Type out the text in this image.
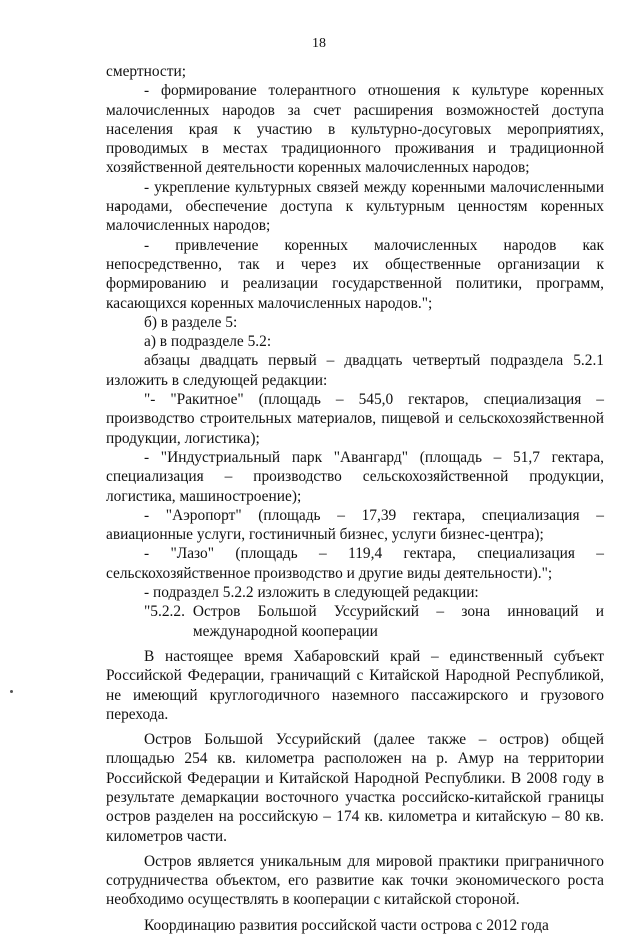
18

смертности;

- формирование толерантного отношения к культуре коренных малочисленных народов за счет расширения возможностей доступа населения края к участию в культурно-досуговых мероприятиях, проводимых в местах традиционного проживания и традиционной хозяйственной деятельности коренных малочисленных народов;

- укрепление культурных связей между коренными малочисленными народами, обеспечение доступа к культурным ценностям коренных малочисленных народов;

- привлечение коренных малочисленных народов как непосредственно, так и через их общественные организации к формированию и реализации государственной политики, программ, касающихся коренных малочисленных народов.";

б) в разделе 5:

а) в подразделе 5.2:

абзацы двадцать первый – двадцать четвертый подраздела 5.2.1 изложить в следующей редакции:

"- "Ракитное" (площадь – 545,0 гектаров, специализация – производство строительных материалов, пищевой и сельскохозяйственной продукции, логистика);

- "Индустриальный парк "Авангард" (площадь – 51,7 гектара, специализация – производство сельскохозяйственной продукции, логистика, машиностроение);

- "Аэропорт" (площадь – 17,39 гектара, специализация – авиационные услуги, гостиничный бизнес, услуги бизнес-центра);

- "Лазо" (площадь – 119,4 гектара, специализация – сельскохозяйственное производство и другие виды деятельности).";

- подраздел 5.2.2 изложить в следующей редакции:

"5.2.2. Остров Большой Уссурийский – зона инноваций и
международной кооперации

В настоящее время Хабаровский край – единственный субъект Российской Федерации, граничащий с Китайской Народной Республикой, не имеющий круглогодичного наземного пассажирского и грузового перехода.

Остров Большой Уссурийский (далее также – остров) общей площадью 254 кв. километра расположен на р. Амур на территории Российской Федерации и Китайской Народной Республики. В 2008 году в результате демаркации восточного участка российско-китайской границы остров разделен на российскую – 174 кв. километра и китайскую – 80 кв. километров части.

Остров является уникальным для мировой практики приграничного сотрудничества объектом, его развитие как точки экономического роста необходимо осуществлять в кооперации с китайской стороной.

Координацию развития российской части острова с 2012 года
